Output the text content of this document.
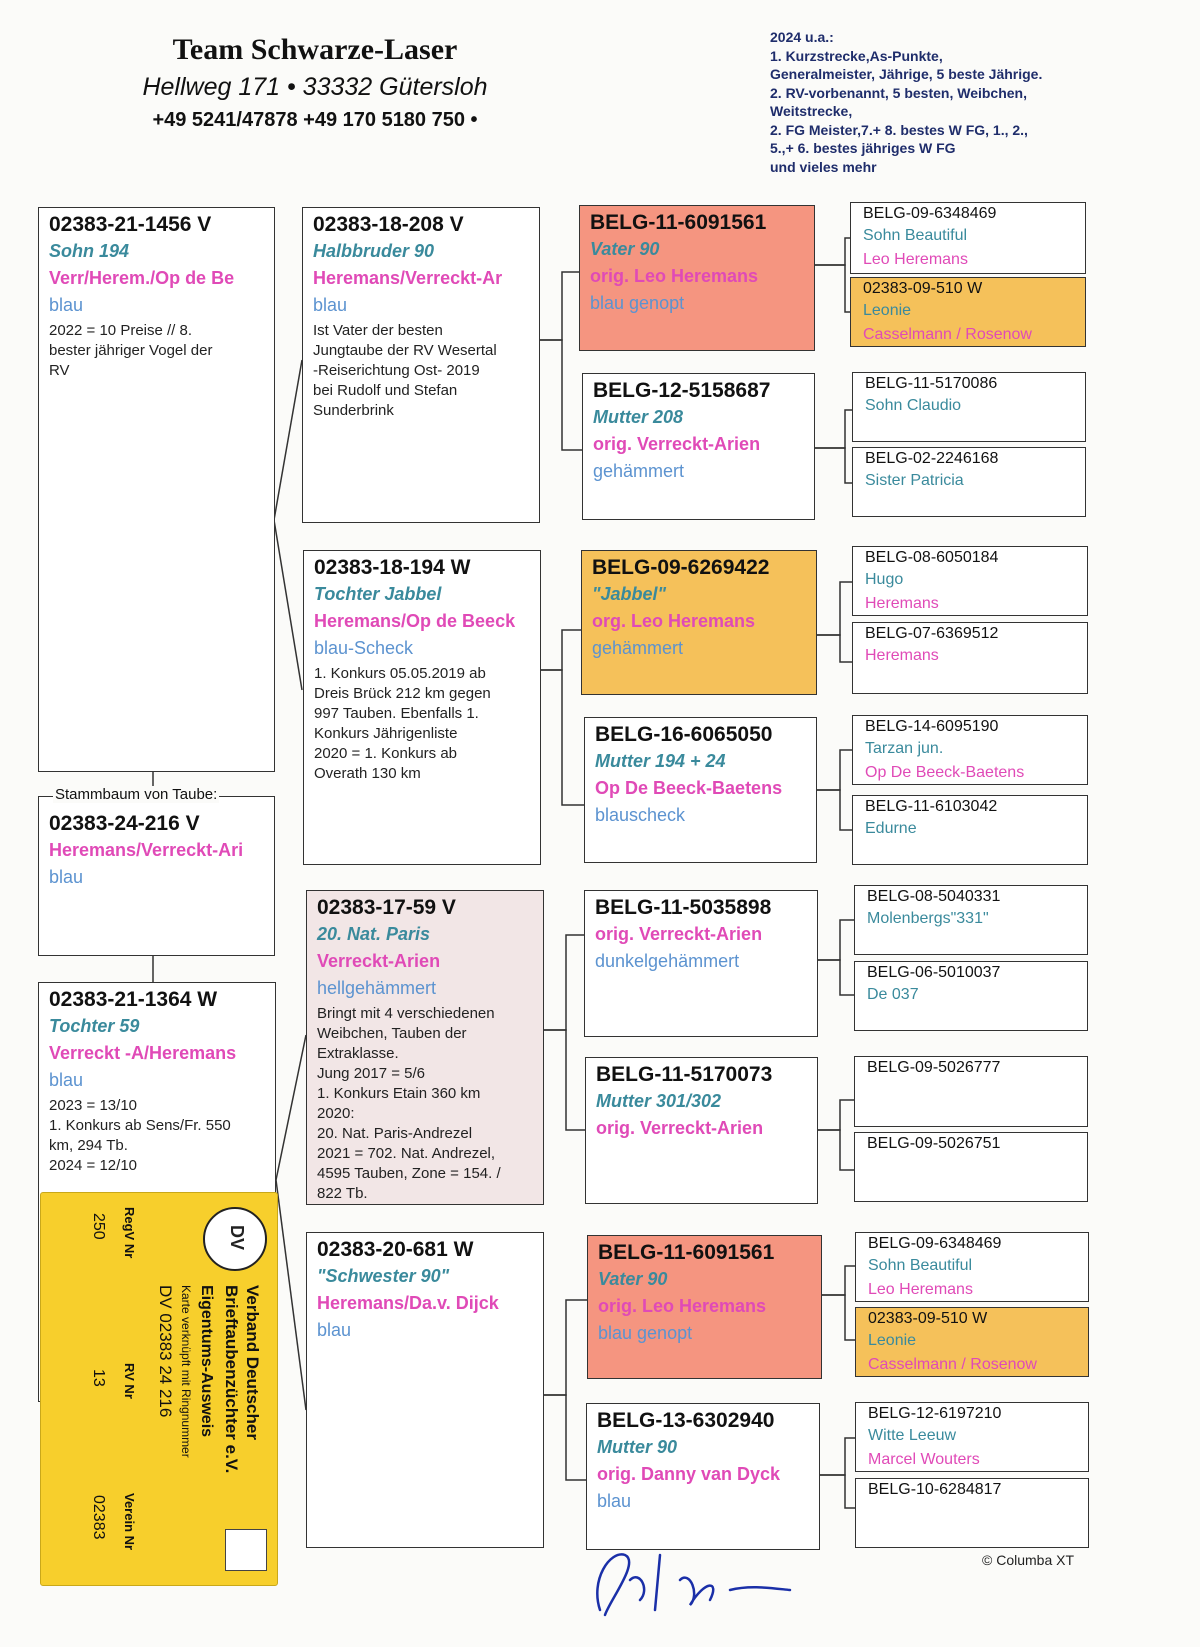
Team Schwarze-Laser
Hellweg 171 • 33332 Gütersloh
+49 5241/47878 +49 170 5180 750 •
2024 u.a.:
1. Kurzstrecke,As-Punkte,
Generalmeister, Jährige, 5 beste Jährige.
2. RV-vorbenannt, 5 besten, Weibchen,
Weitstrecke,
2. FG Meister,7.+ 8. bestes W FG, 1., 2.,
5.,+ 6. bestes jähriges W FG
und vieles mehr
02383-21-1456 V
Sohn 194
Verr/Herem./Op de Be
blau
2022 = 10 Preise // 8.
bester jähriger Vogel der
RV
Stammbaum von Taube:
02383-24-216 V
Heremans/Verreckt-Ari
blau
02383-21-1364 W
Tochter 59
Verreckt -A/Heremans
blau
2023 = 13/10
1. Konkurs ab Sens/Fr. 550
km, 294 Tb.
2024 = 12/10
02383-18-208 V
Halbbruder 90
Heremans/Verreckt-Ar
blau
Ist Vater der besten
Jungtaube der RV Wesertal
-Reiserichtung Ost- 2019
bei Rudolf und Stefan
Sunderbrink
02383-18-194 W
Tochter Jabbel
Heremans/Op de Beeck
blau-Scheck
1. Konkurs 05.05.2019 ab
Dreis Brück 212 km gegen
997 Tauben. Ebenfalls 1.
Konkurs Jährigenliste
2020 = 1. Konkurs ab
Overath 130 km
02383-17-59 V
20. Nat. Paris
Verreckt-Arien
hellgehämmert
Bringt mit 4 verschiedenen
Weibchen, Tauben der
Extraklasse.
Jung 2017 = 5/6
1. Konkurs Etain 360 km
2020:
20. Nat. Paris-Andrezel
2021 = 702. Nat. Andrezel,
4595 Tauben, Zone = 154. /
822 Tb.
02383-20-681 W
"Schwester 90"
Heremans/Da.v. Dijck
blau
BELG-11-6091561
Vater 90
orig. Leo Heremans
blau genopt
BELG-12-5158687
Mutter 208
orig. Verreckt-Arien
gehämmert
BELG-09-6269422
"Jabbel"
org. Leo Heremans
gehämmert
BELG-16-6065050
Mutter 194 + 24
Op De Beeck-Baetens
blauscheck
BELG-11-5035898
orig. Verreckt-Arien
dunkelgehämmert
BELG-11-5170073
Mutter 301/302
orig. Verreckt-Arien
BELG-11-6091561
Vater 90
orig. Leo Heremans
blau genopt
BELG-13-6302940
Mutter 90
orig. Danny van Dyck
blau
BELG-09-6348469
Sohn Beautiful
Leo Heremans
02383-09-510 W
Leonie
Casselmann / Rosenow
BELG-11-5170086
Sohn Claudio
BELG-02-2246168
Sister Patricia
BELG-08-6050184
Hugo
Heremans
BELG-07-6369512
Heremans
BELG-14-6095190
Tarzan jun.
Op De Beeck-Baetens
BELG-11-6103042
Edurne
BELG-08-5040331
Molenbergs"331"
BELG-06-5010037
De 037
BELG-09-5026777
BELG-09-5026751
BELG-09-6348469
Sohn Beautiful
Leo Heremans
02383-09-510 W
Leonie
Casselmann / Rosenow
BELG-12-6197210
Witte Leeuw
Marcel Wouters
BELG-10-6284817
DV
Verband Deutscher
Brieftaubenzüchter e.V.
Eigentums-Ausweis
Karte verknüpft mit Ringnummer
DV 02383 24 216
RegV Nr
250
RV Nr
13
Verein Nr
02383
© Columba XT
